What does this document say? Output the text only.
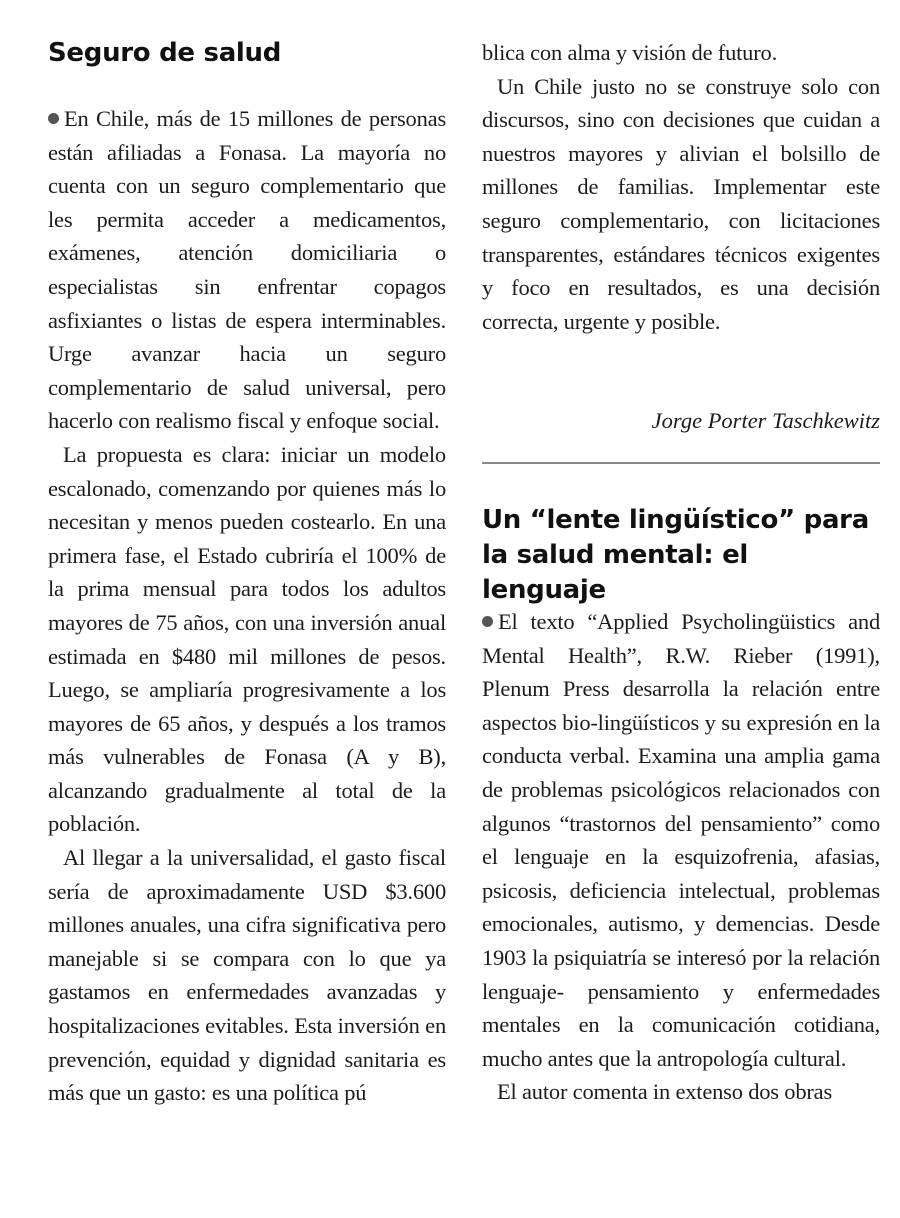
Seguro de salud

En Chile, más de 15 millones de personas están afiliadas a Fonasa. La mayoría no cuenta con un seguro complementario que les permita acceder a medicamentos, exámenes, atención domiciliaria o especialistas sin enfrentar copagos asfixiantes o listas de espera interminables. Urge avanzar hacia un seguro complementario de salud universal, pero hacerlo con realismo fiscal y enfoque social.

La propuesta es clara: iniciar un modelo escalonado, comenzando por quienes más lo necesitan y menos pueden costearlo. En una primera fase, el Estado cubriría el 100% de la prima mensual para todos los adultos mayores de 75 años, con una inversión anual estimada en $480 mil millones de pesos. Luego, se ampliaría progresivamente a los mayores de 65 años, y después a los tramos más vulnerables de Fonasa (A y B), alcanzando gradualmente al total de la población.

Al llegar a la universalidad, el gasto fiscal sería de aproximadamente USD $3.600 millones anuales, una cifra significativa pero manejable si se compara con lo que ya gastamos en enfermedades avanzadas y hospitalizaciones evitables. Esta inversión en prevención, equidad y dignidad sanitaria es más que un gasto: es una política pú

blica con alma y visión de futuro.

Un Chile justo no se construye solo con discursos, sino con decisiones que cuidan a nuestros mayores y alivian el bolsillo de millones de familias. Implementar este seguro complementario, con licitaciones transparentes, estándares técnicos exigentes y foco en resultados, es una decisión correcta, urgente y posible.

Jorge Porter Taschkewitz

Un “lente lingüístico” para la salud mental: el lenguaje

El texto “Applied Psycholingüistics and Mental Health”, R.W. Rieber (1991), Plenum Press desarrolla la relación entre aspectos bio-lingüísticos y su expresión en la conducta verbal. Examina una amplia gama de problemas psicológicos relacionados con algunos “trastornos del pensamiento” como el lenguaje en la esquizofrenia, afasias, psicosis, deficiencia intelectual, problemas emocionales, autismo, y demencias. Desde 1903 la psiquiatría se interesó por la relación lenguaje- pensamiento y enfermedades mentales en la comunicación cotidiana, mucho antes que la antropología cultural.

El autor comenta in extenso dos obras
